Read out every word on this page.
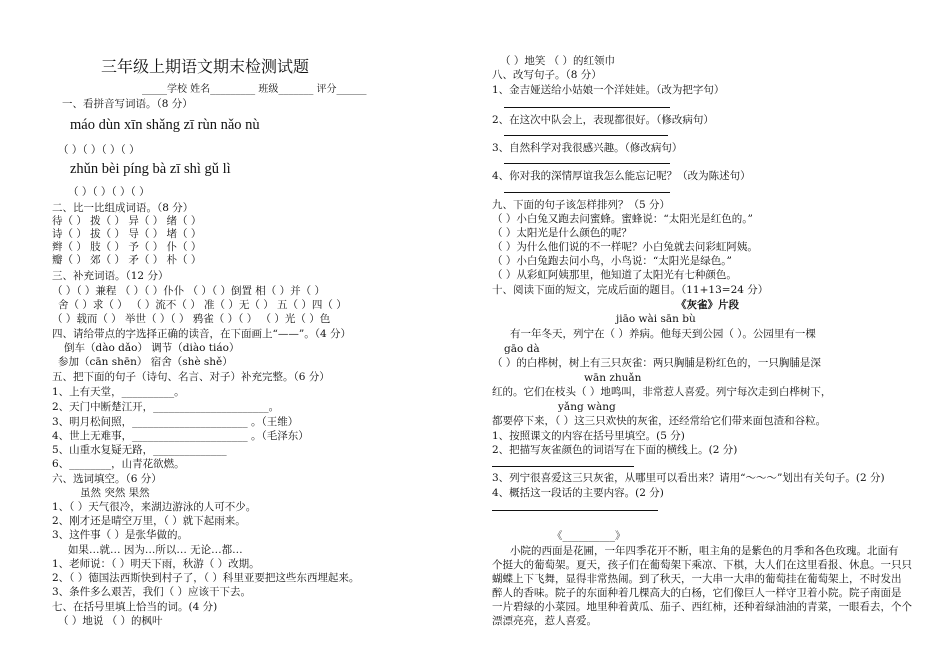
三年级上期语文期末检测试题
_____学校 姓名_________ 班级_______ 评分______
一、看拼音写词语。（8 分）
máo dùn xīn shǎng zī rùn nǎo nù
（ ）（ ）（ ）（ ）
zhǔn bèi píng bà zī shì gǔ lì
（ ）（ ）（ ）（ ）
二、比一比组成词语。（8 分）
待（ ） 拨（ ） 异（ ） 绪（ ）
诗（ ） 拔（ ） 导（ ） 堵（ ）
辫（ ） 肢（ ） 予（ ） 仆（ ）
瓣（ ） 郊（ ） 矛（ ） 朴（ ）
三、补充词语。（12 分）
（ ）（ ）兼程 （ ）（ ）仆仆 （ ）（ ）倒置 相（ ）并（ ）
舍（ ）求（ ） （ ）流不（ ） 准（ ）无（ ） 五（ ）四（ ）
（ ）载而（ ） 举世（ ）（ ） 鸦雀（ ）（ ） （ ）光（ ）色
四、请给带点的字选择正确的读音，在下面画上“——”。（4 分）
倒车（dào dǎo） 调节（diào tiáo）
参加（cān shēn） 宿舍（shè shě）
五、把下面的句子（诗句、名言、对子）补充完整。（6 分）
1、上有天堂，__________。
2、天门中断楚江开，______________________。
3、明月松间照，______________________ 。（王维）
4、世上无难事，______________________ 。（毛泽东）
5、山重水复疑无路，______________
6、________，山青花欲燃。
六、选词填空。（6 分）
虽然 突然 果然
1、（ ）天气很冷，来湖边游泳的人可不少。
2、刚才还是晴空万里，（ ）就下起雨来。
3、这件事（ ）是张华做的。
如果…就… 因为…所以… 无论…都…
1、老师说：（ ）明天下雨，秋游（ ）改期。
2、（ ）德国法西斯快到村子了，（ ）科里亚要把这些东西埋起来。
3、条件多么艰苦，我们（ ）应该干下去。
七、在括号里填上恰当的词。(4 分)
（ ）地说 （ ）的枫叶
（ ）地笑 （ ）的红领巾
八、改写句子。（8 分）
1、金吉娅送给小姑娘一个洋娃娃。（改为把字句）
2、在这次中队会上，表现都很好。（修改病句）
3、自然科学对我很感兴趣。（修改病句）
4、你对我的深情厚谊我怎么能忘记呢？（改为陈述句）
九、下面的句子该怎样排列？（5 分）
（ ）小白兔又跑去问蜜蜂。蜜蜂说：“太阳光是红色的。”
（ ）太阳光是什么颜色的呢？
（ ）为什么他们说的不一样呢？小白兔就去问彩虹阿姨。
（ ）小白兔跑去问小鸟，小鸟说：“太阳光是绿色。”
（ ）从彩虹阿姨那里，他知道了太阳光有七种颜色。
十、阅读下面的短文，完成后面的题目。（11+13=24 分）
《灰雀》片段
jiāo wài sān bù
有一年冬天，列宁在（ ）养病。他每天到公园（ ）。公园里有一棵
gāo dà
（ ）的白桦树，树上有三只灰雀：两只胸脯是粉红色的，一只胸脯是深
wān zhuǎn
红的。它们在枝头（ ）地鸣叫，非常惹人喜爱。列宁每次走到白桦树下，
yǎng wàng
都要停下来，（ ）这三只欢快的灰雀，还经常给它们带来面包渣和谷粒。
1、按照课文的内容在括号里填空。(5 分)
2、把描写灰雀颜色的词语写在下面的横线上。(2 分)
3、列宁很喜爱这三只灰雀，从哪里可以看出来？请用“～～～”划出有关句子。(2 分)
4、概括这一段话的主要内容。(2 分)
《__________》
小院的西面是花圃，一年四季花开不断，咀主角的是紫色的月季和各色玫瑰。北面有
个挺大的葡萄架。夏天，孩子们在葡萄架下乘凉、下棋，大人们在这里看报、休息。一只只
蝴蝶上下飞舞，显得非常热闹。到了秋天，一大串一大串的葡萄挂在葡萄架上，不时发出
醉人的香味。院子的东面种着几棵高大的白杨，它们像巨人一样守卫着小院。院子南面是
一片碧绿的小菜园。地里种着黄瓜、茄子、西红柿，还种着绿油油的青菜，一眼看去，个个
漂漂亮亮，惹人喜爱。
